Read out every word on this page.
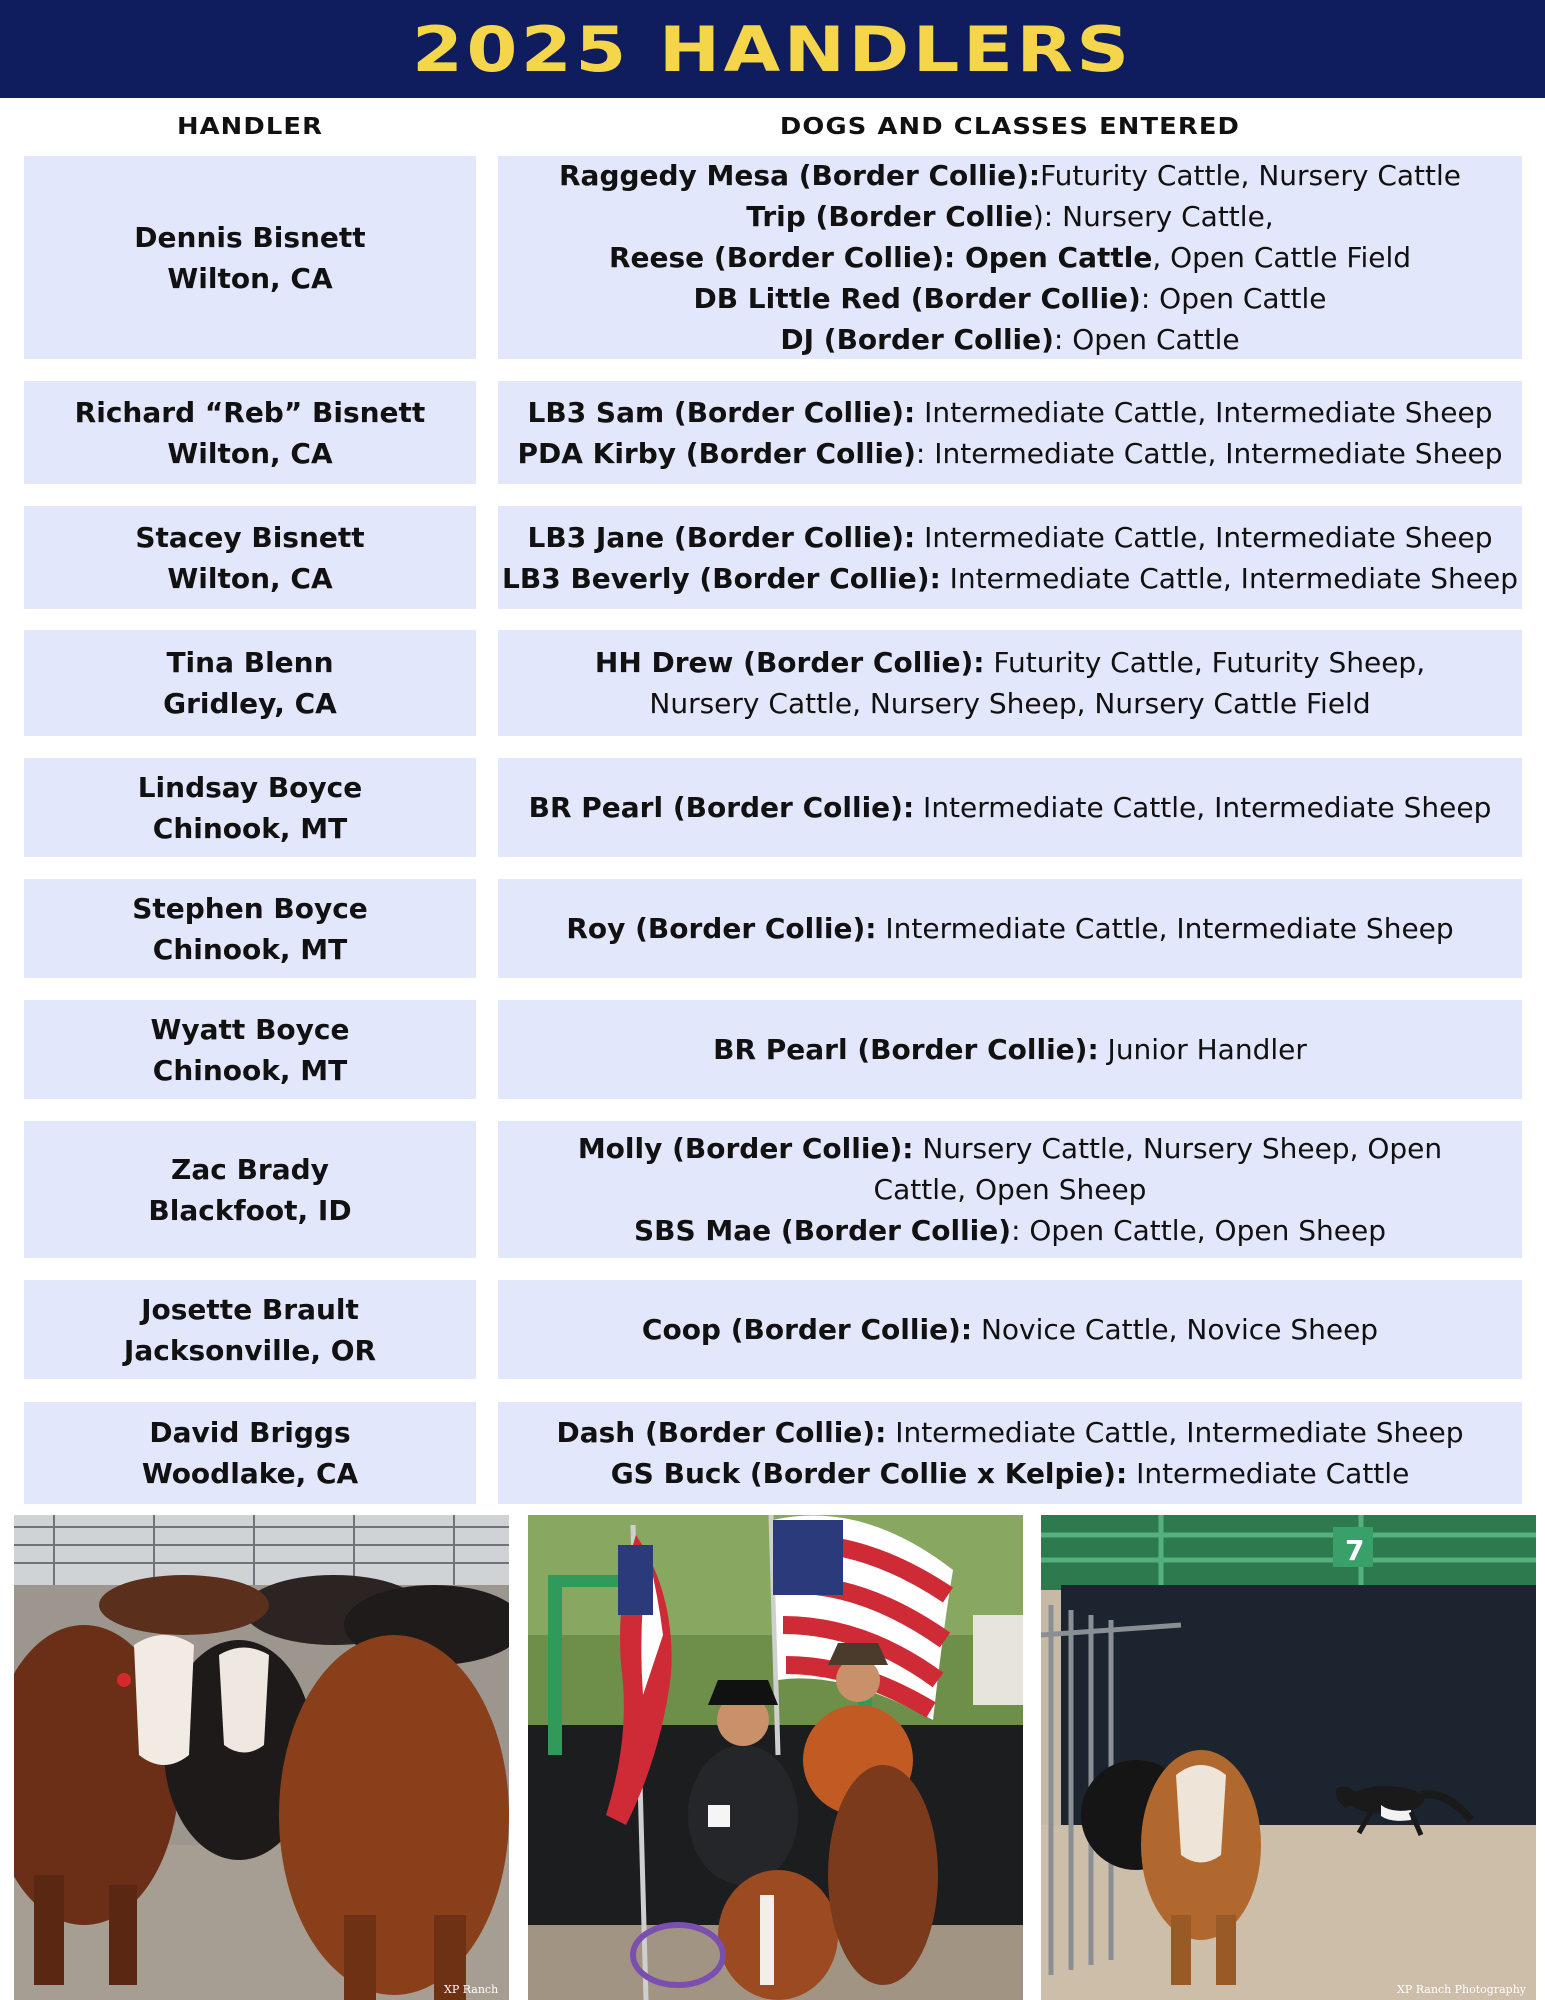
2025 HANDLERS
HANDLER	DOGS AND CLASSES ENTERED
Dennis Bisnett
Wilton, CA
Raggedy Mesa (Border Collie):Futurity Cattle, Nursery Cattle
Trip (Border Collie): Nursery Cattle,
Reese (Border Collie): Open Cattle, Open Cattle Field
DB Little Red (Border Collie): Open Cattle
DJ (Border Collie): Open Cattle
Richard “Reb” Bisnett
Wilton, CA
LB3 Sam (Border Collie): Intermediate Cattle, Intermediate Sheep
PDA Kirby (Border Collie): Intermediate Cattle, Intermediate Sheep
Stacey Bisnett
Wilton, CA
LB3 Jane (Border Collie): Intermediate Cattle, Intermediate Sheep
LB3 Beverly (Border Collie): Intermediate Cattle, Intermediate Sheep
Tina Blenn
Gridley, CA
HH Drew (Border Collie): Futurity Cattle, Futurity Sheep, Nursery Cattle, Nursery Sheep, Nursery Cattle Field
Lindsay Boyce
Chinook, MT
BR Pearl (Border Collie): Intermediate Cattle, Intermediate Sheep
Stephen Boyce
Chinook, MT
Roy (Border Collie): Intermediate Cattle, Intermediate Sheep
Wyatt Boyce
Chinook, MT
BR Pearl (Border Collie): Junior Handler
Zac Brady
Blackfoot, ID
Molly (Border Collie): Nursery Cattle, Nursery Sheep, Open Cattle, Open Sheep
SBS Mae (Border Collie): Open Cattle, Open Sheep
Josette Brault
Jacksonville, OR
Coop (Border Collie): Novice Cattle, Novice Sheep
David Briggs
Woodlake, CA
Dash (Border Collie): Intermediate Cattle, Intermediate Sheep
GS Buck (Border Collie x Kelpie): Intermediate Cattle
XP Ranch
7
XP Ranch Photography
